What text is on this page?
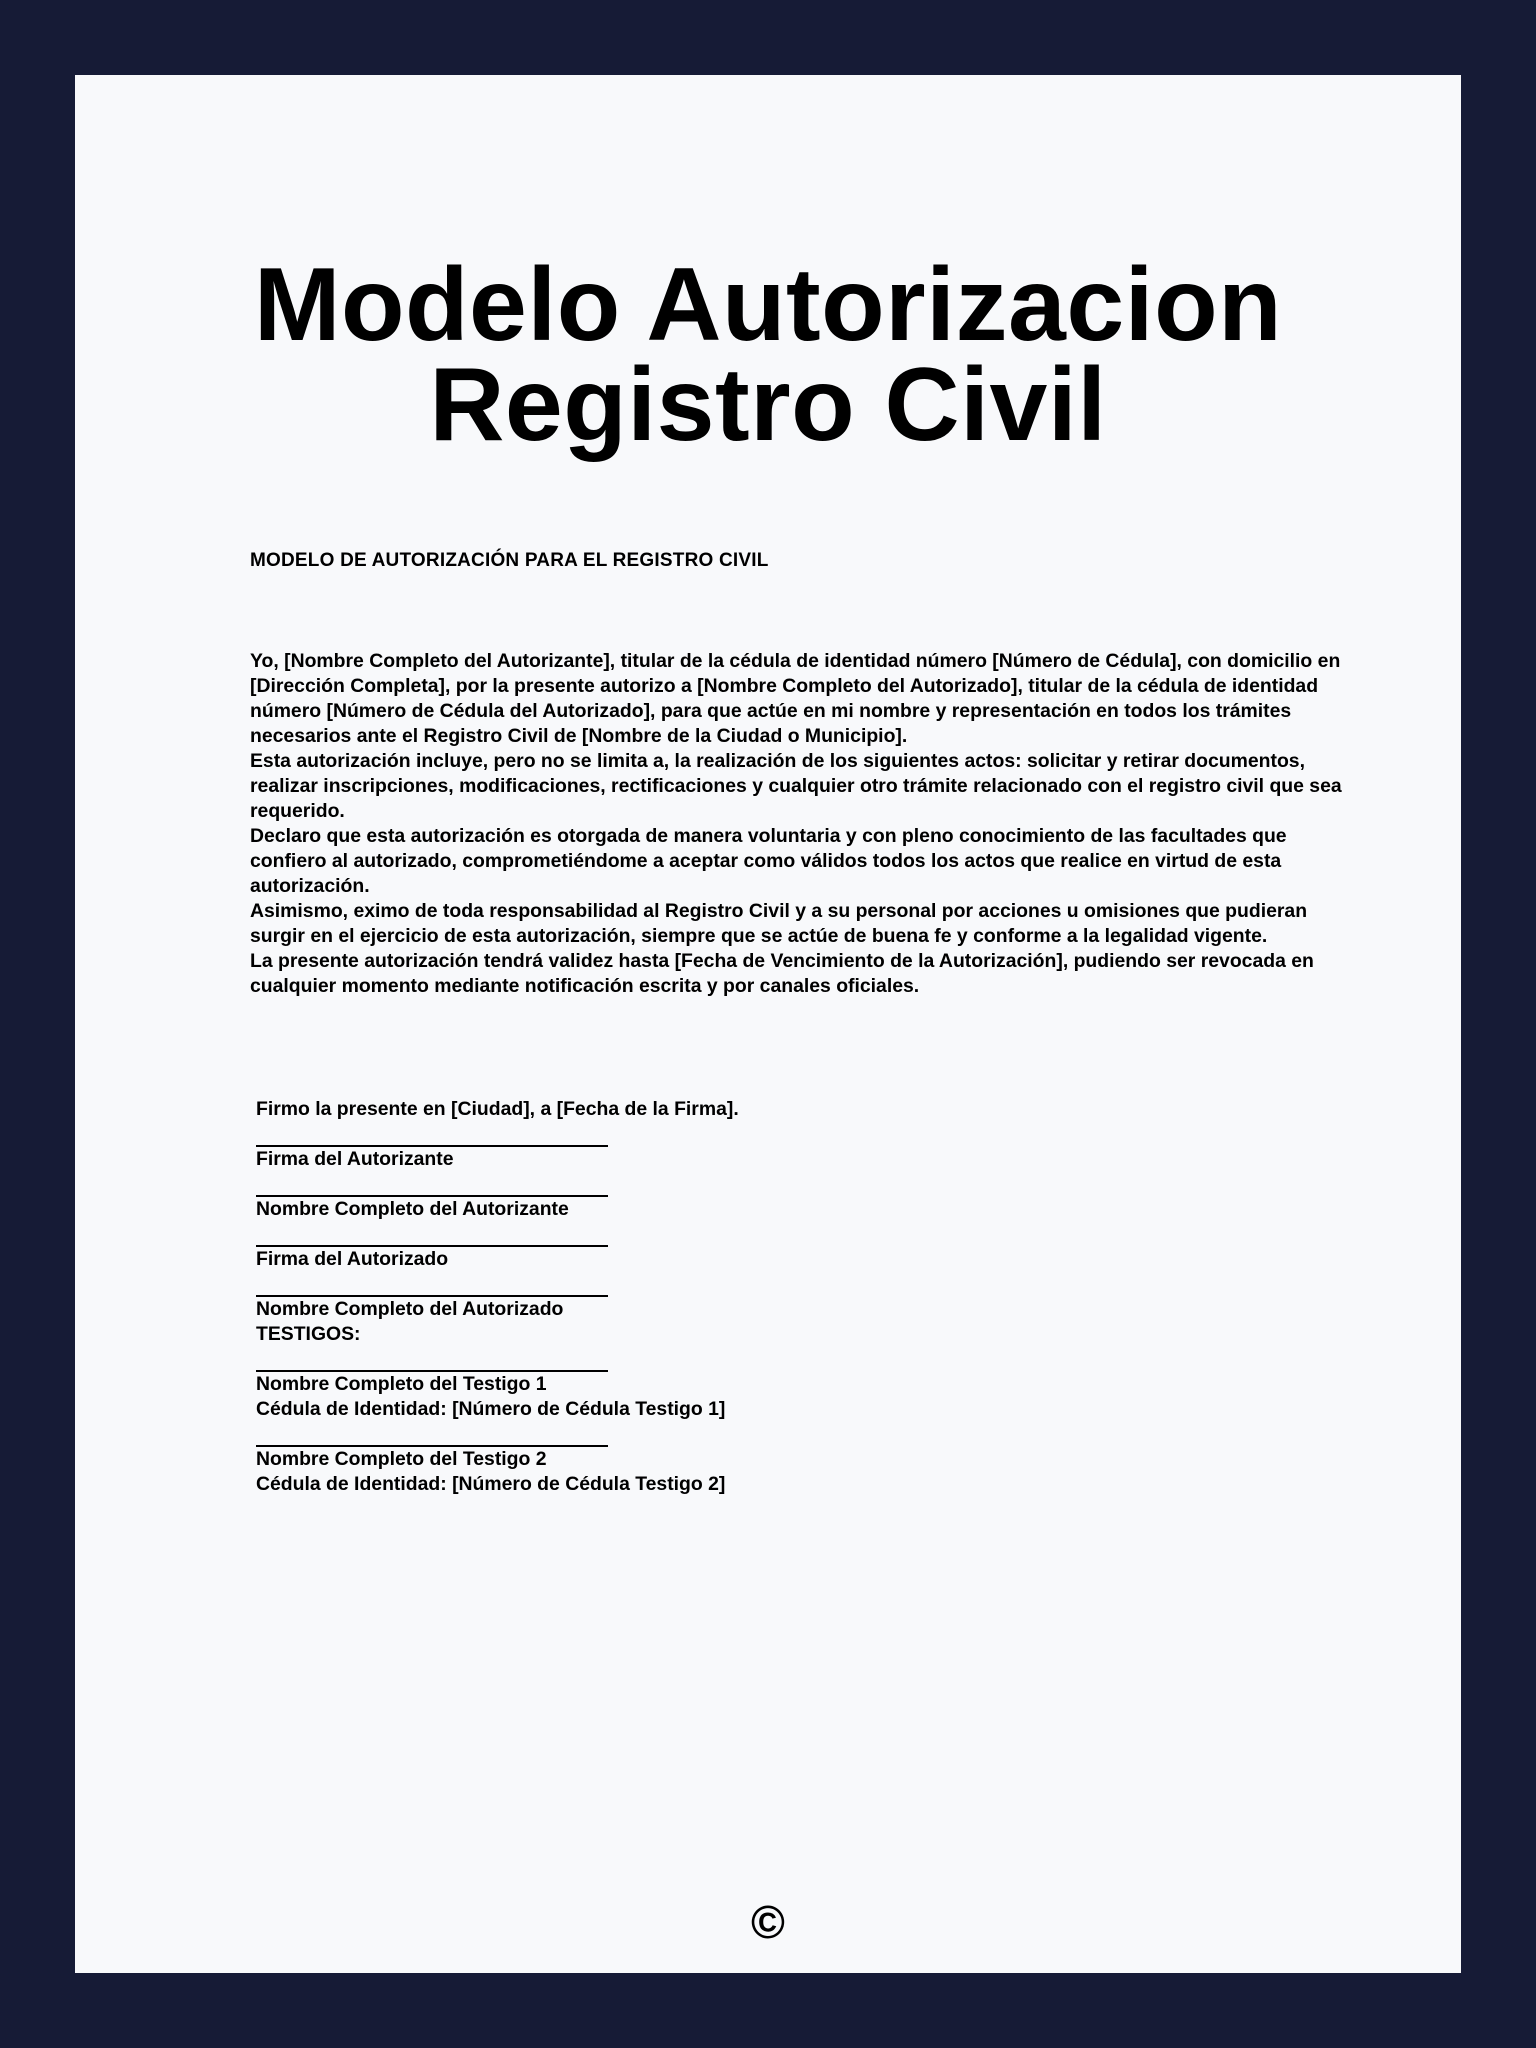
Modelo Autorizacion
Registro Civil
MODELO DE AUTORIZACIÓN PARA EL REGISTRO CIVIL

Yo, [Nombre Completo del Autorizante], titular de la cédula de identidad número [Número de Cédula], con domicilio en [Dirección Completa], por la presente autorizo a [Nombre Completo del Autorizado], titular de la cédula de identidad número [Número de Cédula del Autorizado], para que actúe en mi nombre y representación en todos los trámites necesarios ante el Registro Civil de [Nombre de la Ciudad o Municipio].

Esta autorización incluye, pero no se limita a, la realización de los siguientes actos: solicitar y retirar documentos, realizar inscripciones, modificaciones, rectificaciones y cualquier otro trámite relacionado con el registro civil que sea requerido.

Declaro que esta autorización es otorgada de manera voluntaria y con pleno conocimiento de las facultades que confiero al autorizado, comprometiéndome a aceptar como válidos todos los actos que realice en virtud de esta autorización.

Asimismo, eximo de toda responsabilidad al Registro Civil y a su personal por acciones u omisiones que pudieran surgir en el ejercicio de esta autorización, siempre que se actúe de buena fe y conforme a la legalidad vigente.

La presente autorización tendrá validez hasta [Fecha de Vencimiento de la Autorización], pudiendo ser revocada en cualquier momento mediante notificación escrita y por canales oficiales.

Firmo la presente en [Ciudad], a [Fecha de la Firma].
Firma del Autorizante
Nombre Completo del Autorizante
Firma del Autorizado
Nombre Completo del Autorizado
TESTIGOS:
Nombre Completo del Testigo 1
Cédula de Identidad: [Número de Cédula Testigo 1]
Nombre Completo del Testigo 2
Cédula de Identidad: [Número de Cédula Testigo 2]
©
